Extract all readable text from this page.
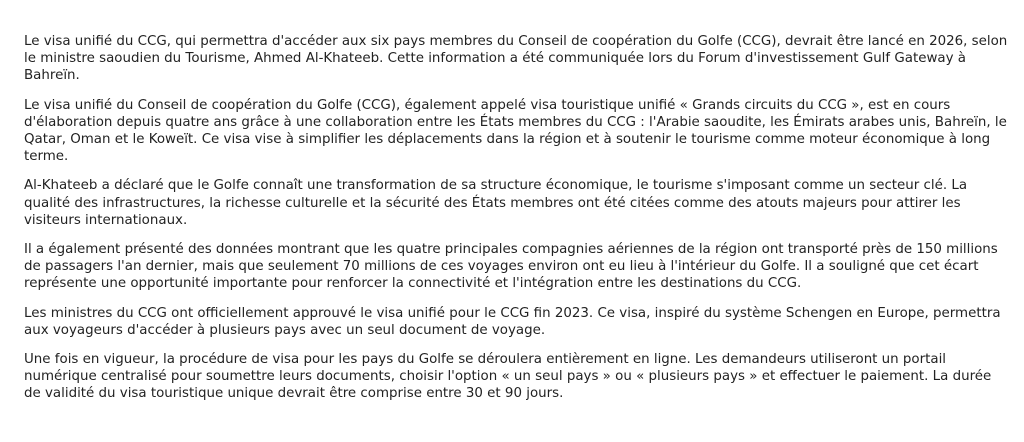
Le visa unifié du CCG, qui permettra d'accéder aux six pays membres du Conseil de coopération du Golfe (CCG), devrait être lancé en 2026, selon le ministre saoudien du Tourisme, Ahmed Al-Khateeb. Cette information a été communiquée lors du Forum d'investissement Gulf Gateway à Bahreïn.

Le visa unifié du Conseil de coopération du Golfe (CCG), également appelé visa touristique unifié « Grands circuits du CCG », est en cours d'élaboration depuis quatre ans grâce à une collaboration entre les États membres du CCG : l'Arabie saoudite, les Émirats arabes unis, Bahreïn, le Qatar, Oman et le Koweït. Ce visa vise à simplifier les déplacements dans la région et à soutenir le tourisme comme moteur économique à long terme.

Al-Khateeb a déclaré que le Golfe connaît une transformation de sa structure économique, le tourisme s'imposant comme un secteur clé. La qualité des infrastructures, la richesse culturelle et la sécurité des États membres ont été citées comme des atouts majeurs pour attirer les visiteurs internationaux.

Il a également présenté des données montrant que les quatre principales compagnies aériennes de la région ont transporté près de 150 millions de passagers l'an dernier, mais que seulement 70 millions de ces voyages environ ont eu lieu à l'intérieur du Golfe. Il a souligné que cet écart représente une opportunité importante pour renforcer la connectivité et l'intégration entre les destinations du CCG.

Les ministres du CCG ont officiellement approuvé le visa unifié pour le CCG fin 2023. Ce visa, inspiré du système Schengen en Europe, permettra aux voyageurs d'accéder à plusieurs pays avec un seul document de voyage.

Une fois en vigueur, la procédure de visa pour les pays du Golfe se déroulera entièrement en ligne. Les demandeurs utiliseront un portail numérique centralisé pour soumettre leurs documents, choisir l'option « un seul pays » ou « plusieurs pays » et effectuer le paiement. La durée de validité du visa touristique unique devrait être comprise entre 30 et 90 jours.
